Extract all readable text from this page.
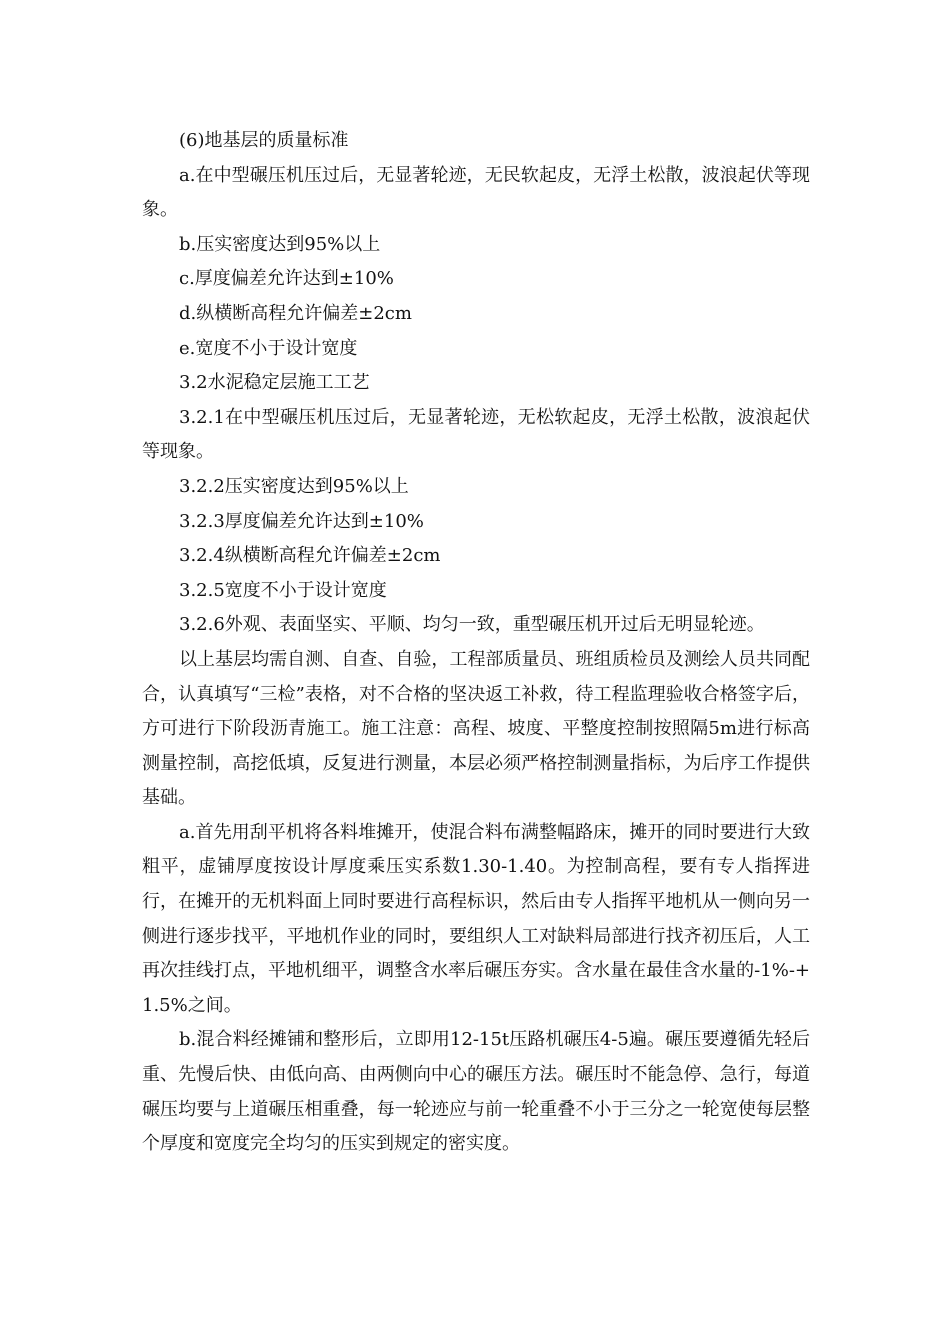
(6)地基层的质量标准

a.在中型碾压机压过后，无显著轮迹，无民软起皮，无浮土松散，波浪起伏等现象。

b.压实密度达到95%以上

c.厚度偏差允许达到±10%

d.纵横断高程允许偏差±2cm

e.宽度不小于设计宽度

3.2水泥稳定层施工工艺

3.2.1在中型碾压机压过后，无显著轮迹，无松软起皮，无浮土松散，波浪起伏等现象。

3.2.2压实密度达到95%以上

3.2.3厚度偏差允许达到±10%

3.2.4纵横断高程允许偏差±2cm

3.2.5宽度不小于设计宽度

3.2.6外观、表面坚实、平顺、均匀一致，重型碾压机开过后无明显轮迹。

以上基层均需自测、自查、自验，工程部质量员、班组质检员及测绘人员共同配合，认真填写“三检”表格，对不合格的坚决返工补救，待工程监理验收合格签字后，方可进行下阶段沥青施工。施工注意：高程、坡度、平整度控制按照隔5m进行标高测量控制，高挖低填，反复进行测量，本层必须严格控制测量指标，为后序工作提供基础。

a.首先用刮平机将各料堆摊开，使混合料布满整幅路床，摊开的同时要进行大致粗平，虚铺厚度按设计厚度乘压实系数1.30-1.40。为控制高程，要有专人指挥进行，在摊开的无机料面上同时要进行高程标识，然后由专人指挥平地机从一侧向另一侧进行逐步找平，平地机作业的同时，要组织人工对缺料局部进行找齐初压后，人工再次挂线打点，平地机细平，调整含水率后碾压夯实。含水量在最佳含水量的-1%-+1.5%之间。

b.混合料经摊铺和整形后，立即用12-15t压路机碾压4-5遍。碾压要遵循先轻后重、先慢后快、由低向高、由两侧向中心的碾压方法。碾压时不能急停、急行，每道碾压均要与上道碾压相重叠，每一轮迹应与前一轮重叠不小于三分之一轮宽使每层整个厚度和宽度完全均匀的压实到规定的密实度。
